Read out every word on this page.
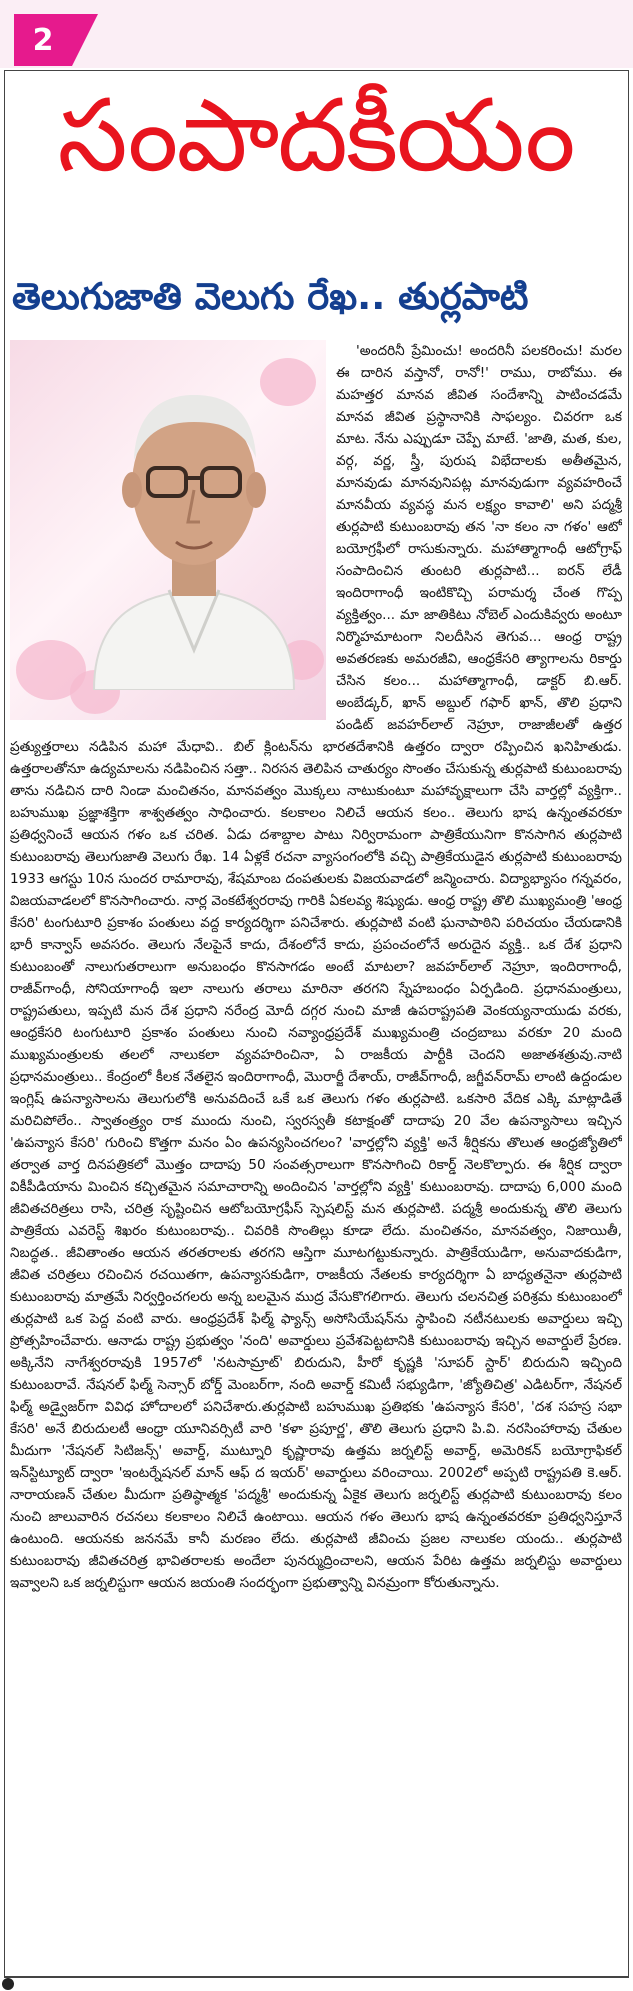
2
సంపాదకీయం
తెలుగుజాతి వెలుగు రేఖ.. తుర్లపాటి

'అందరినీ ప్రేమించు! అందరినీ పలకరించు! మరల ఈ దారిన వస్తానో, రానో!' రాము, రాబోము. ఈ మహత్తర మానవ జీవిత సందేశాన్ని పాటించడమే మానవ జీవిత ప్రస్థానానికి సాఫల్యం. చివరగా ఒక మాట. నేను ఎప్పుడూ చెప్పే మాటే. 'జాతి, మత, కుల, వర్గ, వర్ణ, స్త్రీ, పురుష విభేదాలకు అతీతమైన, మానవుడు మానవునిపట్ల మానవుడుగా వ్యవహరించే మానవీయ వ్యవస్థ మన లక్ష్యం కావాలి' అని పద్మశ్రీ తుర్లపాటి కుటుంబరావు తన 'నా కలం నా గళం' ఆటో బయోగ్రఫీలో రాసుకున్నారు. మహాత్మాగాంధీ ఆటోగ్రాఫ్ సంపాదించిన తుంటరి తుర్లపాటి... ఐరన్ లేడీ ఇందిరాగాంధీ ఇంటికొచ్చి పరామర్శ చేంత గొప్ప వ్యక్తిత్వం... మా జాతికిటు నోబెల్ ఎందుకివ్వరు అంటూ నిర్మొహమాటంగా నిలదీసిన తెగువ... ఆంధ్ర రాష్ట్ర అవతరణకు అమరజీవి, ఆంధ్రకేసరి త్యాగాలను రికార్డు చేసిన కలం... మహాత్మాగాంధీ, డాక్టర్ బి.ఆర్. అంబేడ్కర్, ఖాన్ అబ్దుల్ గఫార్ ఖాన్, తొలి ప్రధాని పండిట్ జవహర్‌లాల్ నెహ్రూ, రాజాజీలతో ఉత్తర ప్రత్యుత్తరాలు నడిపిన మహా మేధావి.. బిల్ క్లింటన్‌ను భారతదేశానికి ఉత్తరం ద్వారా రప్పించిన ఖనిహితుడు. ఉత్తరాలతోనూ ఉద్యమాలను నడిపించిన సత్తా.. నిరసన తెలిపిన చాతుర్యం సొంతం చేసుకున్న తుర్లపాటి కుటుంబరావు తాను నడిచిన దారి నిండా మంచితనం, మానవత్వం మొక్కలు నాటుకుంటూ మహావృక్షాలుగా చేసి వార్తల్లో వ్యక్తిగా.. బహుముఖ ప్రజ్ఞాశక్తిగా శాశ్వతత్వం సాధించారు. కలకాలం నిలిచే ఆయన కలం.. తెలుగు భాష ఉన్నంతవరకూ ప్రతిధ్వనించే ఆయన గళం ఒక చరిత. ఏడు దశాబ్దాల పాటు నిర్విరామంగా పాత్రికేయునిగా కొనసాగిన తుర్లపాటి కుటుంబరావు తెలుగుజాతి వెలుగు రేఖ. 14 ఏళ్లకే రచనా వ్యాసంగంలోకి వచ్చి పాత్రికేయుడైన తుర్లపాటి కుటుంబరావు 1933 ఆగస్టు 10న సుందర రామారావు, శేషమాంబ దంపతులకు విజయవాడలో జన్మించారు. విద్యాభ్యాసం గన్నవరం, విజయవాడలలో కొనసాగించారు. నార్ల వెంకటేశ్వరరావు గారికి ఏకలవ్య శిష్యుడు. ఆంధ్ర రాష్ట్ర తొలి ముఖ్యమంత్రి 'ఆంధ్ర కేసరి' టంగుటూరి ప్రకాశం పంతులు వద్ద కార్యదర్శిగా పనిచేశారు. తుర్లపాటి వంటి ఘనాపాఠిని పరిచయం చేయడానికి భారీ కాన్వాస్ అవసరం. తెలుగు నేలపైనే కాదు, దేశంలోనే కాదు, ప్రపంచంలోనే అరుదైన వ్యక్తి.. ఒక దేశ ప్రధాని కుటుంబంతో నాలుగుతరాలుగా అనుబంధం కొనసాగడం అంటే మాటలా? జవహర్‌లాల్ నెహ్రూ, ఇందిరాగాంధీ, రాజీవ్‌గాంధీ, సోనియాగాంధీ ఇలా నాలుగు తరాలు మారినా తరగని స్నేహబంధం ఏర్పడింది. ప్రధానమంత్రులు, రాష్ట్రపతులు, ఇప్పటి మన దేశ ప్రధాని నరేంద్ర మోదీ దగ్గర నుంచి మాజీ ఉపరాష్ట్రపతి వెంకయ్యనాయుడు వరకు, ఆంధ్రకేసరి టంగుటూరి ప్రకాశం పంతులు నుంచి నవ్యాంధ్రప్రదేశ్ ముఖ్యమంత్రి చంద్రబాబు వరకూ 20 మంది ముఖ్యమంత్రులకు తలలో నాలుకలా వ్యవహరించినా, ఏ రాజకీయ పార్టీకి చెందని అజాతశత్రువు.నాటి ప్రధానమంత్రులు.. కేంద్రంలో కీలక నేతలైన ఇందిరాగాంధీ, మొరార్జీ దేశాయ్, రాజీవ్‌గాంధీ, జగ్జీవన్‌రామ్ లాంటి ఉద్దండుల ఇంగ్లిష్ ఉపన్యాసాలను తెలుగులోకి అనువదించే ఒకే ఒక తెలుగు గళం తుర్లపాటి. ఒకసారి వేదిక ఎక్కి మాట్లాడితే మరిచిపోలేం.. స్వాతంత్ర్యం రాక ముందు నుంచి, స్వరస్వతీ కటాక్షంతో దాదాపు 20 వేల ఉపన్యాసాలు ఇచ్చిన 'ఉపన్యాస కేసరి' గురించి కొత్తగా మనం ఏం ఉపన్యసించగలం? 'వార్తల్లోని వ్యక్తి' అనే శీర్షికను తొలుత ఆంధ్రజ్యోతిలో తర్వాత వార్త దినపత్రికలో మొత్తం దాదాపు 50 సంవత్సరాలుగా కొనసాగించి రికార్డ్ నెలకొల్పారు. ఈ శీర్షిక ద్వారా వికీపీడియాను మించిన కచ్చితమైన సమాచారాన్ని అందించిన 'వార్తల్లోని వ్యక్తి' కుటుంబరావు. దాదాపు 6,000 మంది జీవితచరిత్రలు రాసి, చరిత్ర సృష్టించిన ఆటోబయోగ్రఫీస్ స్పెషలిస్ట్ మన తుర్లపాటి. పద్మశ్రీ అందుకున్న తొలి తెలుగు పాత్రికేయ ఎవరెస్ట్ శిఖరం కుటుంబరావు.. చివరికి సొంతిల్లు కూడా లేదు. మంచితనం, మానవత్వం, నిజాయితీ, నిబద్ధత.. జీవితాంతం ఆయన తరతరాలకు తరగని ఆస్తిగా మూటగట్టుకున్నారు. పాత్రికేయుడిగా, అనువాదకుడిగా, జీవిత చరిత్రలు రచించిన రచయితగా, ఉపన్యాసకుడిగా, రాజకీయ నేతలకు కార్యదర్శిగా ఏ బాధ్యతనైనా తుర్లపాటి కుటుంబరావు మాత్రమే నిర్వర్తించగలరు అన్న బలమైన ముద్ర వేసుకొగలిగారు. తెలుగు చలనచిత్ర పరిశ్రమ కుటుంబంలో తుర్లపాటి ఒక పెద్ద వంటి వారు. ఆంధ్రప్రదేశ్ ఫిల్మ్ ఫ్యాన్స్ అసోసియేషన్‌ను స్థాపించి నటీనటులకు అవార్డులు ఇచ్చి ప్రోత్సహించేవారు. ఆనాడు రాష్ట్ర ప్రభుత్వం 'నంది' అవార్డులు ప్రవేశపెట్టటానికి కుటుంబరావు ఇచ్చిన అవార్డులే ప్రేరణ. అక్కినేని నాగేశ్వరరావుకి 1957లో 'నటసామ్రాట్' బిరుదుని, హీరో కృష్ణకి 'సూపర్ స్టార్' బిరుదుని ఇచ్చింది కుటుంబరావే. నేషనల్ ఫిల్మ్ సెన్సార్ బోర్డ్ మెంబర్‌గా, నంది అవార్డ్ కమిటీ సభ్యుడిగా, 'జ్యోతిచిత్ర' ఎడిటర్‌గా, నేషనల్ ఫిల్మ్ అడ్వైజర్‌గా వివిధ హోదాలలో పనిచేశారు.తుర్లపాటి బహుముఖ ప్రతిభకు 'ఉపన్యాస కేసరి', 'దశ సహస్ర సభా కేసరి' అనే బిరుదులటీ ఆంధ్రా యూనివర్సిటీ వారి 'కళా ప్రపూర్ణ', తొలి తెలుగు ప్రధాని పి.వి. నరసింహారావు చేతుల మీదుగా 'నేషనల్ సిటిజన్స్' అవార్డ్, ముట్నూరి కృష్ణారావు ఉత్తమ జర్నలిస్ట్ అవార్డ్, అమెరికన్ బయోగ్రాఫికల్ ఇన్‌స్టిట్యూట్ ద్వారా 'ఇంటర్నేషనల్ మాన్ ఆఫ్ ద ఇయర్' అవార్డులు వరించాయి. 2002లో అప్పటి రాష్ట్రపతి కె.ఆర్. నారాయణన్ చేతుల మీదుగా ప్రతిష్ఠాత్మక 'పద్మశ్రీ' అందుకున్న ఏకైక తెలుగు జర్నలిస్ట్ తుర్లపాటి కుటుంబరావు కలం నుంచి జాలువారిన రచనలు కలకాలం నిలిచే ఉంటాయి. ఆయన గళం తెలుగు భాష ఉన్నంతవరకూ ప్రతిధ్వనిస్తూనే ఉంటుంది. ఆయనకు జననమే కానీ మరణం లేదు. తుర్లపాటి జీవించు ప్రజల నాలుకల యందు.. తుర్లపాటి కుటుంబరావు జీవితచరిత్ర భావితరాలకు అందేలా పునర్ముద్రించాలని, ఆయన పేరిట ఉత్తమ జర్నలిస్టు అవార్డులు ఇవ్వాలని ఒక జర్నలిస్టుగా ఆయన జయంతి సందర్భంగా ప్రభుత్వాన్ని వినమ్రంగా కోరుతున్నాను.
